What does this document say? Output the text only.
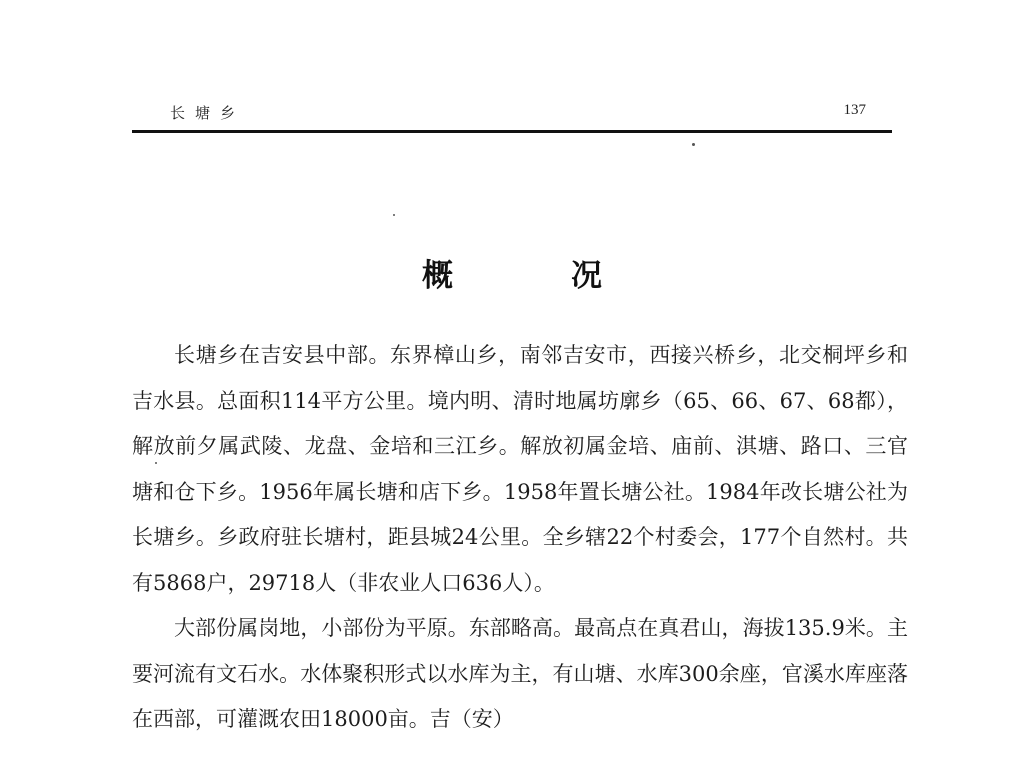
长塘乡	137
概	况

长塘乡在吉安县中部。东界樟山乡，南邻吉安市，西接兴桥乡，北交桐坪乡和吉水县。总面积114平方公里。境内明、清时地属坊廓乡（65、66、67、68都），解放前夕属武陵、龙盘、金培和三江乡。解放初属金培、庙前、淇塘、路口、三官塘和仓下乡。1956年属长塘和店下乡。1958年置长塘公社。1984年改长塘公社为长塘乡。乡政府驻长塘村，距县城24公里。全乡辖22个村委会，177个自然村。共有5868户，29718人（非农业人口636人）。

大部份属岗地，小部份为平原。东部略高。最高点在真君山，海拔135.9米。主要河流有文石水。水体聚积形式以水库为主，有山塘、水库300余座，官溪水库座落在西部，可灌溉农田18000亩。吉（安）
